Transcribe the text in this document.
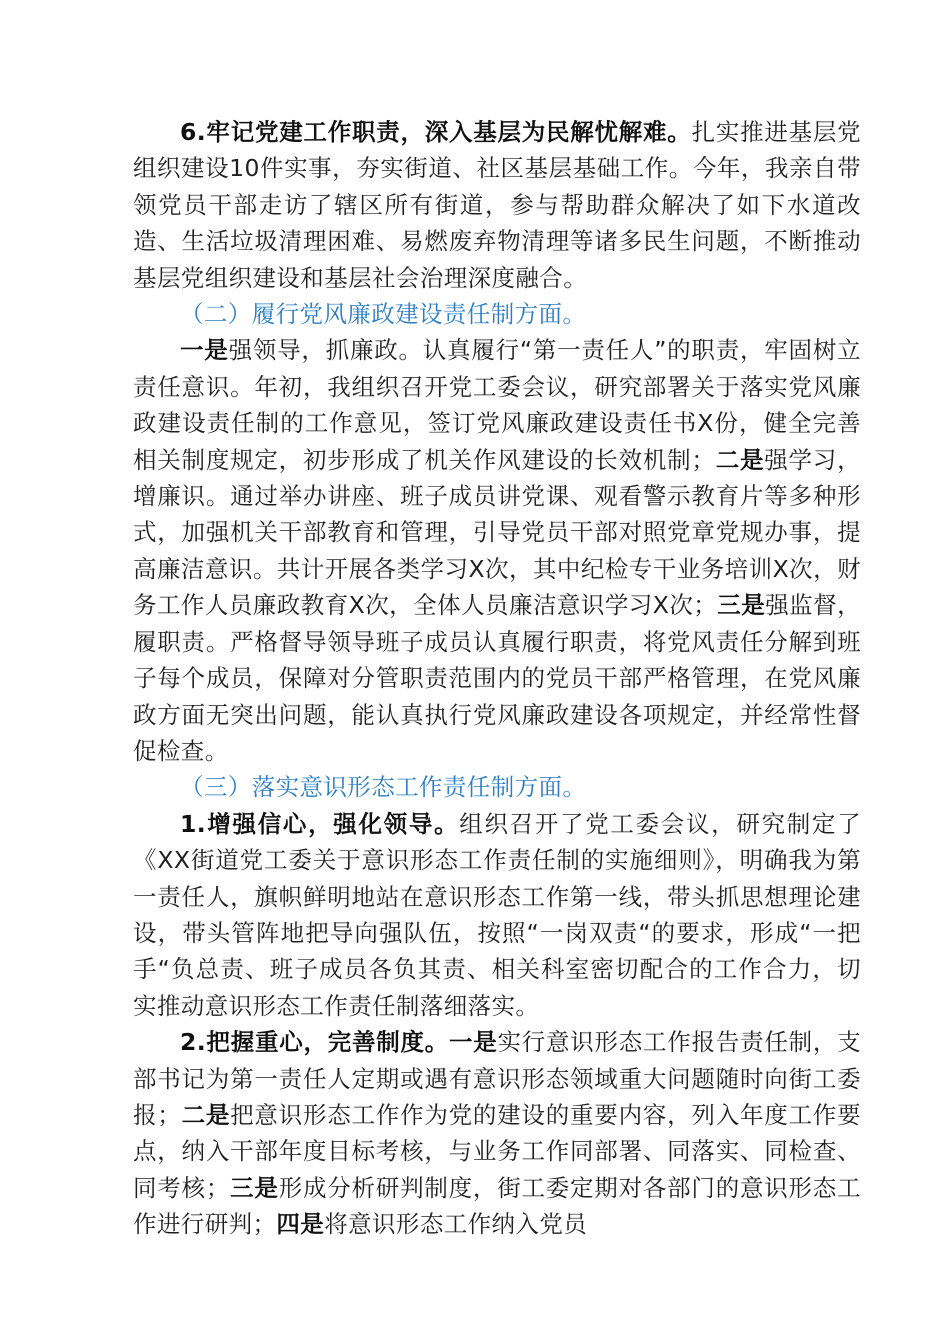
6.牢记党建工作职责，深入基层为民解忧解难。扎实推进基层党组织建设10件实事，夯实街道、社区基层基础工作。今年，我亲自带领党员干部走访了辖区所有街道，参与帮助群众解决了如下水道改造、生活垃圾清理困难、易燃废弃物清理等诸多民生问题，不断推动基层党组织建设和基层社会治理深度融合。

（二）履行党风廉政建设责任制方面。

一是强领导，抓廉政。认真履行“第一责任人”的职责，牢固树立责任意识。年初，我组织召开党工委会议，研究部署关于落实党风廉政建设责任制的工作意见，签订党风廉政建设责任书X份，健全完善相关制度规定，初步形成了机关作风建设的长效机制；二是强学习，增廉识。通过举办讲座、班子成员讲党课、观看警示教育片等多种形式，加强机关干部教育和管理，引导党员干部对照党章党规办事，提高廉洁意识。共计开展各类学习X次，其中纪检专干业务培训X次，财务工作人员廉政教育X次，全体人员廉洁意识学习X次；三是强监督，履职责。严格督导领导班子成员认真履行职责，将党风责任分解到班子每个成员，保障对分管职责范围内的党员干部严格管理，在党风廉政方面无突出问题，能认真执行党风廉政建设各项规定，并经常性督促检查。

（三）落实意识形态工作责任制方面。

1.增强信心，强化领导。组织召开了党工委会议，研究制定了《XX街道党工委关于意识形态工作责任制的实施细则》，明确我为第一责任人，旗帜鲜明地站在意识形态工作第一线，带头抓思想理论建设，带头管阵地把导向强队伍，按照“一岗双责“的要求，形成“一把手“负总责、班子成员各负其责、相关科室密切配合的工作合力，切实推动意识形态工作责任制落细落实。

2.把握重心，完善制度。一是实行意识形态工作报告责任制，支部书记为第一责任人定期或遇有意识形态领域重大问题随时向街工委报；二是把意识形态工作作为党的建设的重要内容，列入年度工作要点，纳入干部年度目标考核，与业务工作同部署、同落实、同检查、同考核；三是形成分析研判制度，街工委定期对各部门的意识形态工作进行研判；四是将意识形态工作纳入党员
